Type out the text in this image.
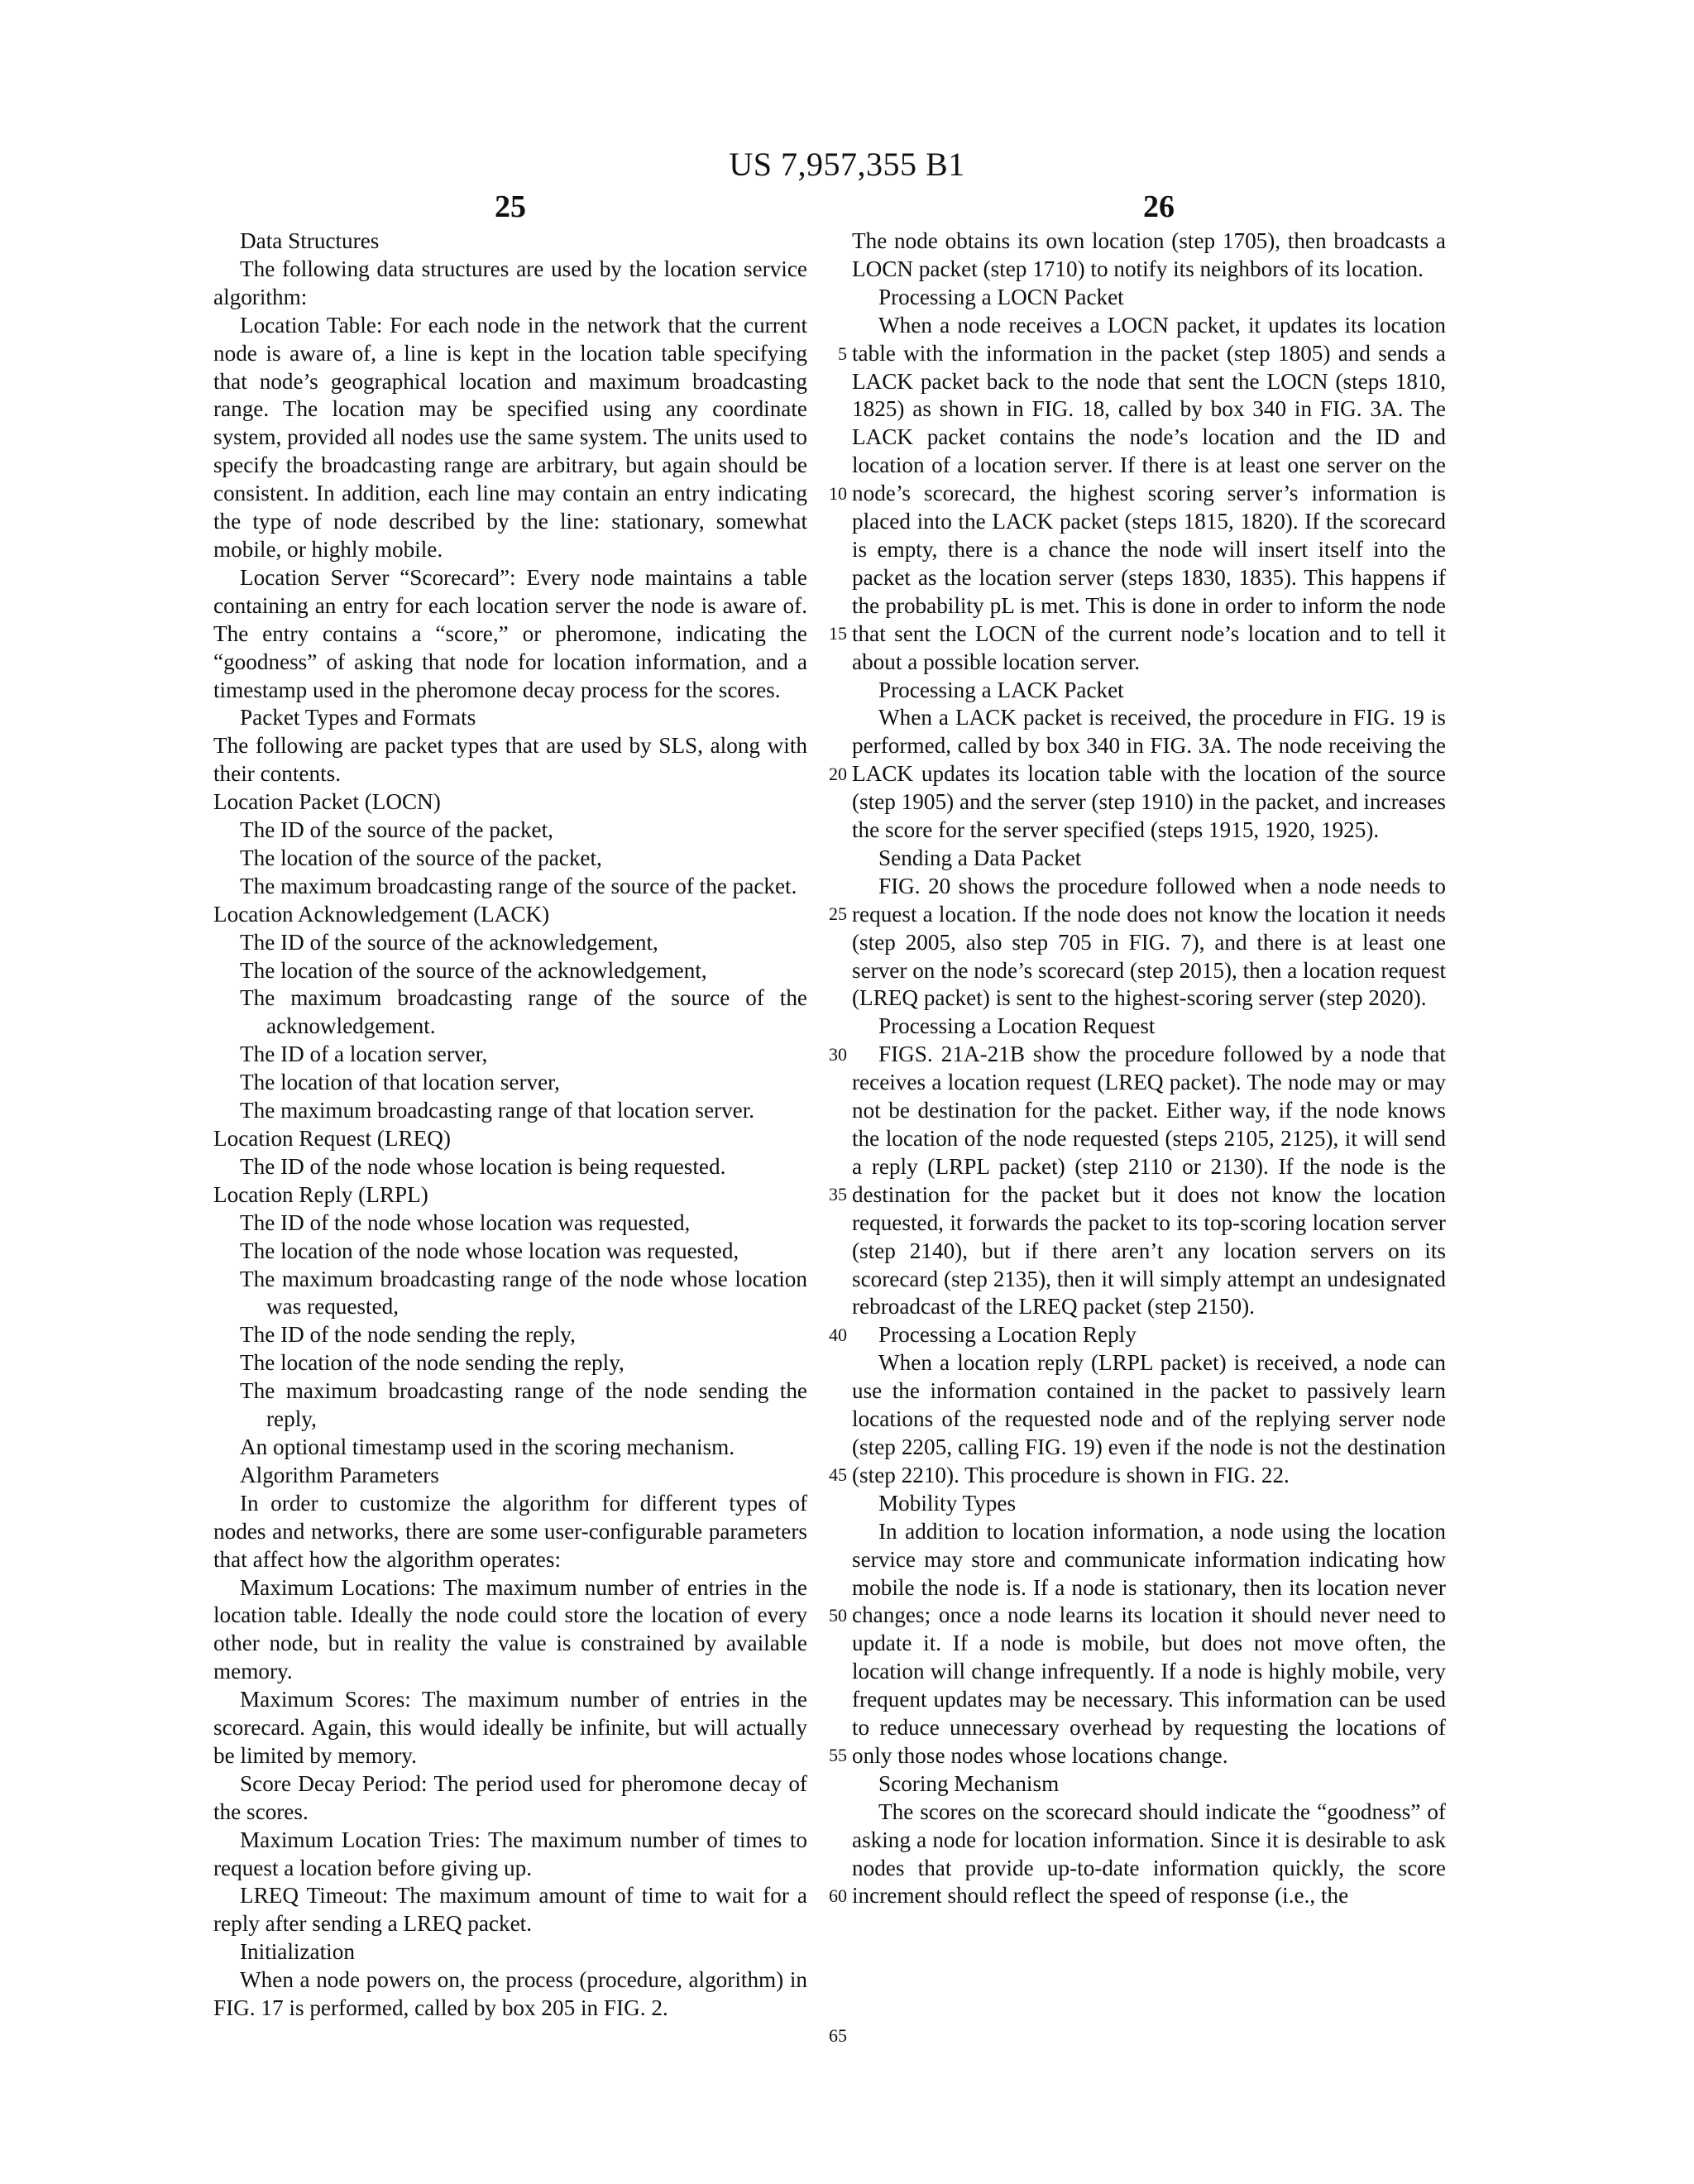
US 7,957,355 B1
25	26

Data Structures

The following data structures are used by the location service algorithm:

Location Table: For each node in the network that the current node is aware of, a line is kept in the location table specifying that node’s geographical location and maximum broadcasting range. The location may be specified using any coordinate system, provided all nodes use the same system. The units used to specify the broadcasting range are arbitrary, but again should be consistent. In addition, each line may contain an entry indicating the type of node described by the line: stationary, somewhat mobile, or highly mobile.

Location Server “Scorecard”: Every node maintains a table containing an entry for each location server the node is aware of. The entry contains a “score,” or pheromone, indicating the “goodness” of asking that node for location information, and a timestamp used in the pheromone decay process for the scores.

Packet Types and Formats

The following are packet types that are used by SLS, along with their contents.

Location Packet (LOCN)

The ID of the source of the packet,

The location of the source of the packet,

The maximum broadcasting range of the source of the packet.

Location Acknowledgement (LACK)

The ID of the source of the acknowledgement,

The location of the source of the acknowledgement,

The maximum broadcasting range of the source of the acknowledgement.

The ID of a location server,

The location of that location server,

The maximum broadcasting range of that location server.

Location Request (LREQ)

The ID of the node whose location is being requested.

Location Reply (LRPL)

The ID of the node whose location was requested,

The location of the node whose location was requested,

The maximum broadcasting range of the node whose location was requested,

The ID of the node sending the reply,

The location of the node sending the reply,

The maximum broadcasting range of the node sending the reply,

An optional timestamp used in the scoring mechanism.

Algorithm Parameters

In order to customize the algorithm for different types of nodes and networks, there are some user-configurable parameters that affect how the algorithm operates:

Maximum Locations: The maximum number of entries in the location table. Ideally the node could store the location of every other node, but in reality the value is constrained by available memory.

Maximum Scores: The maximum number of entries in the scorecard. Again, this would ideally be infinite, but will actually be limited by memory.

Score Decay Period: The period used for pheromone decay of the scores.

Maximum Location Tries: The maximum number of times to request a location before giving up.

LREQ Timeout: The maximum amount of time to wait for a reply after sending a LREQ packet.

Initialization

When a node powers on, the process (procedure, algorithm) in FIG. 17 is performed, called by box 205 in FIG. 2.

5
10
15
20
25
30
35
40
45
50
55
60
65

The node obtains its own location (step 1705), then broadcasts a LOCN packet (step 1710) to notify its neighbors of its location.

Processing a LOCN Packet

When a node receives a LOCN packet, it updates its location table with the information in the packet (step 1805) and sends a LACK packet back to the node that sent the LOCN (steps 1810, 1825) as shown in FIG. 18, called by box 340 in FIG. 3A. The LACK packet contains the node’s location and the ID and location of a location server. If there is at least one server on the node’s scorecard, the highest scoring server’s information is placed into the LACK packet (steps 1815, 1820). If the scorecard is empty, there is a chance the node will insert itself into the packet as the location server (steps 1830, 1835). This happens if the probability pL is met. This is done in order to inform the node that sent the LOCN of the current node’s location and to tell it about a possible location server.

Processing a LACK Packet

When a LACK packet is received, the procedure in FIG. 19 is performed, called by box 340 in FIG. 3A. The node receiving the LACK updates its location table with the location of the source (step 1905) and the server (step 1910) in the packet, and increases the score for the server specified (steps 1915, 1920, 1925).

Sending a Data Packet

FIG. 20 shows the procedure followed when a node needs to request a location. If the node does not know the location it needs (step 2005, also step 705 in FIG. 7), and there is at least one server on the node’s scorecard (step 2015), then a location request (LREQ packet) is sent to the highest-scoring server (step 2020).

Processing a Location Request

FIGS. 21A-21B show the procedure followed by a node that receives a location request (LREQ packet). The node may or may not be destination for the packet. Either way, if the node knows the location of the node requested (steps 2105, 2125), it will send a reply (LRPL packet) (step 2110 or 2130). If the node is the destination for the packet but it does not know the location requested, it forwards the packet to its top-scoring location server (step 2140), but if there aren’t any location servers on its scorecard (step 2135), then it will simply attempt an undesignated rebroadcast of the LREQ packet (step 2150).

Processing a Location Reply

When a location reply (LRPL packet) is received, a node can use the information contained in the packet to passively learn locations of the requested node and of the replying server node (step 2205, calling FIG. 19) even if the node is not the destination (step 2210). This procedure is shown in FIG. 22.

Mobility Types

In addition to location information, a node using the location service may store and communicate information indicating how mobile the node is. If a node is stationary, then its location never changes; once a node learns its location it should never need to update it. If a node is mobile, but does not move often, the location will change infrequently. If a node is highly mobile, very frequent updates may be necessary. This information can be used to reduce unnecessary overhead by requesting the locations of only those nodes whose locations change.

Scoring Mechanism

The scores on the scorecard should indicate the “goodness” of asking a node for location information. Since it is desirable to ask nodes that provide up-to-date information quickly, the score increment should reflect the speed of response (i.e., the
